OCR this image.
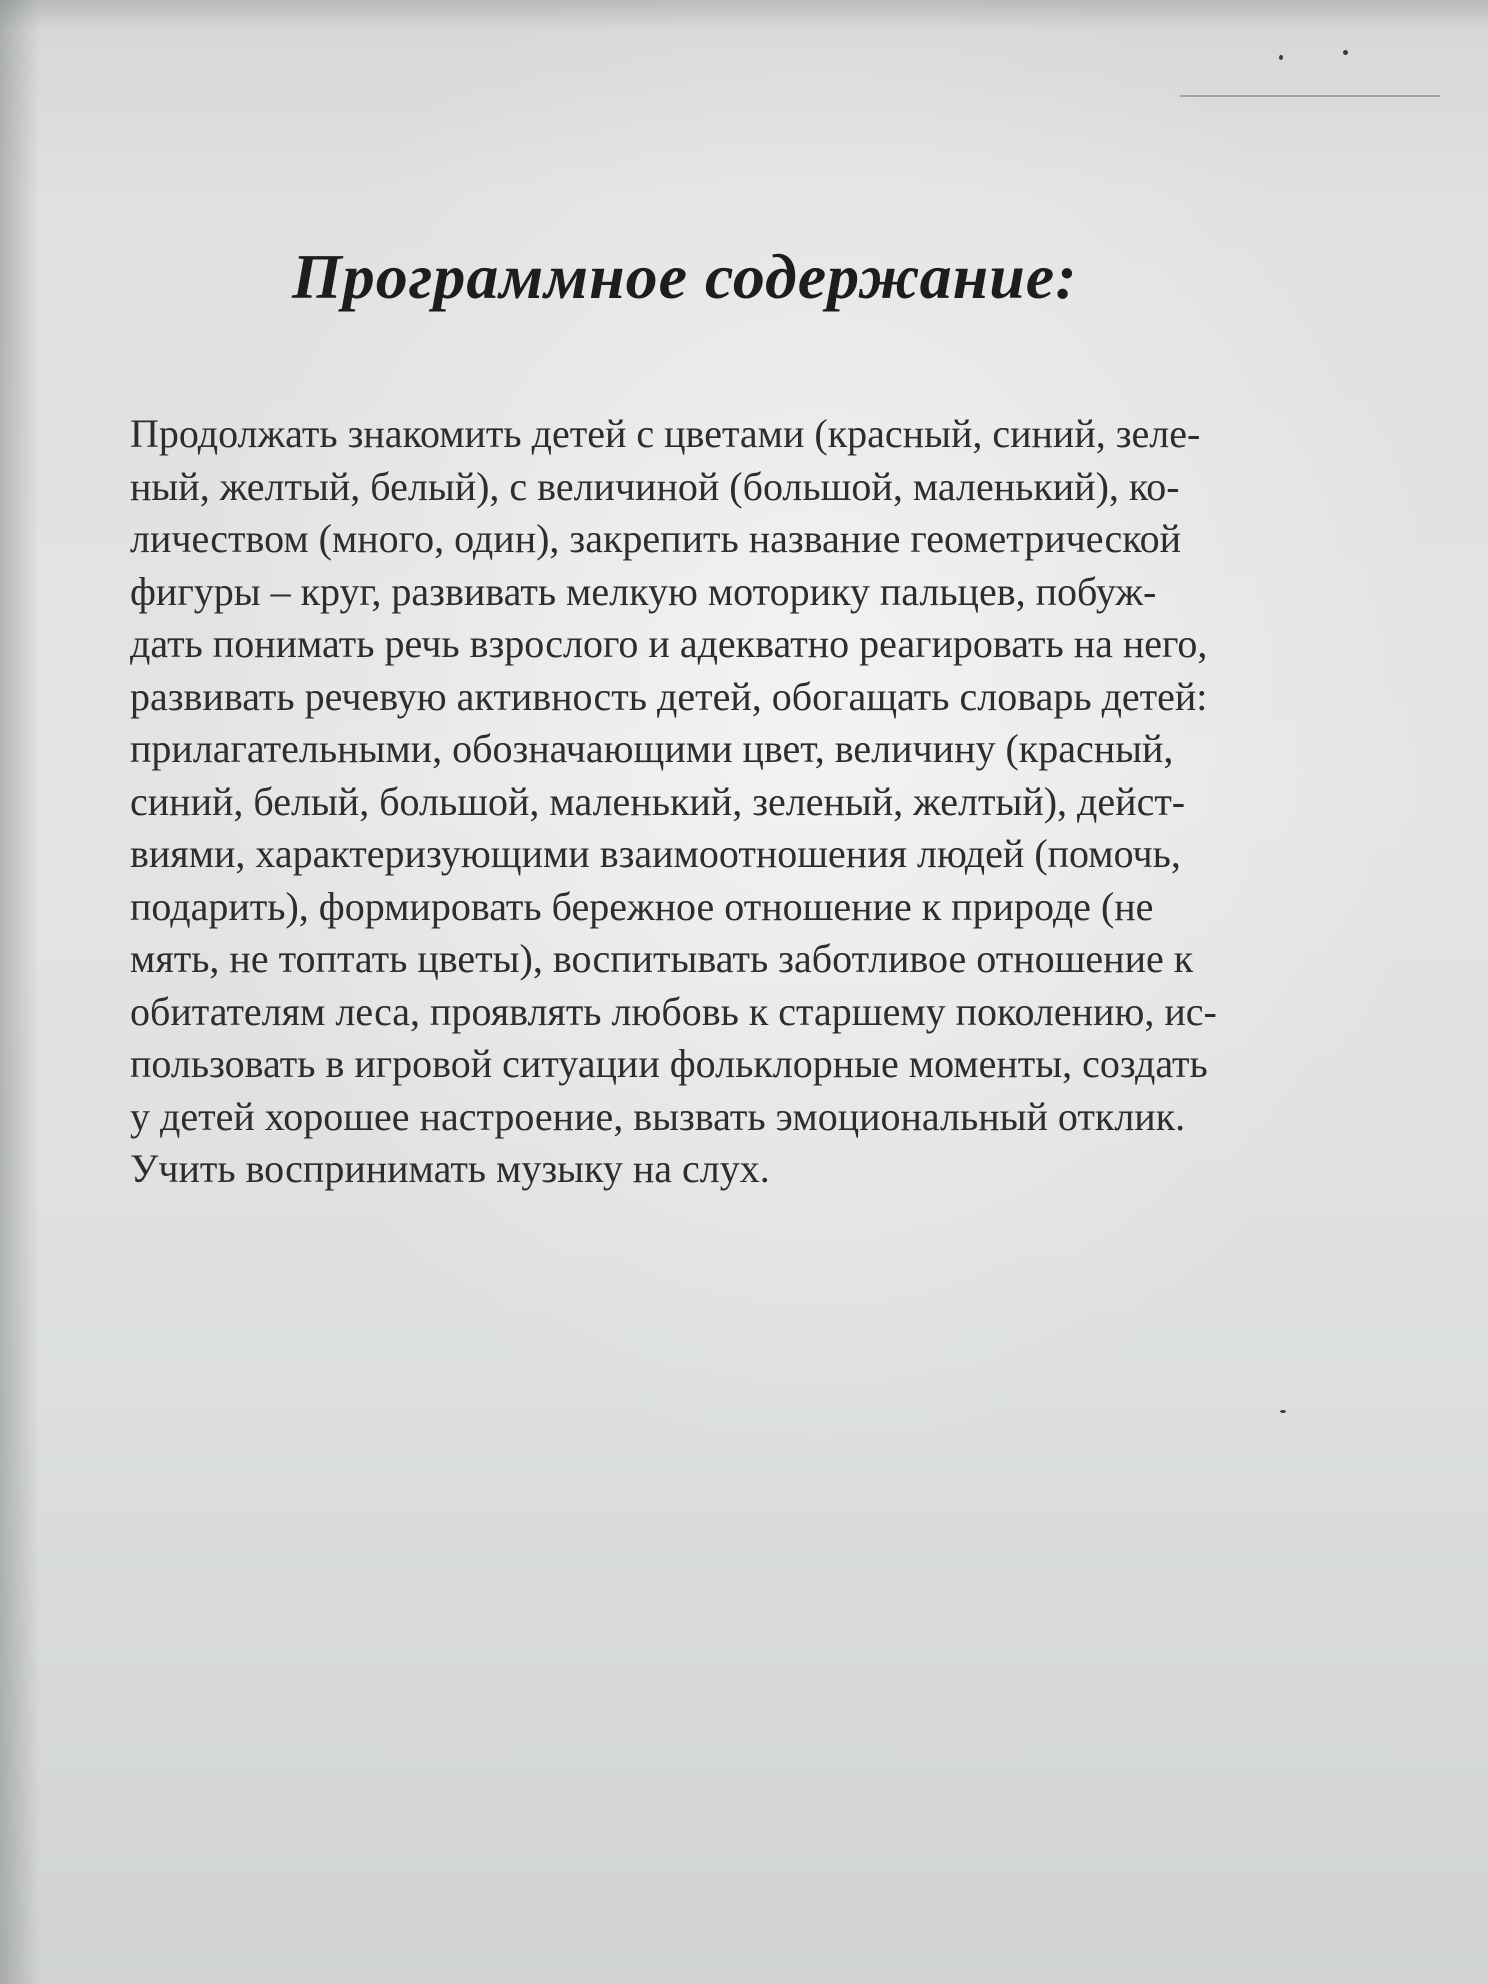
Программное содержание:
Продолжать знакомить детей с цветами (красный, синий, зеле-
ный, желтый, белый), с величиной (большой, маленький), ко-
личеством (много, один), закрепить название геометрической
фигуры – круг, развивать мелкую моторику пальцев, побуж-
дать понимать речь взрослого и адекватно реагировать на него,
развивать речевую активность детей, обогащать словарь детей:
прилагательными, обозначающими цвет, величину (красный,
синий, белый, большой, маленький, зеленый, желтый), дейст-
виями, характеризующими взаимоотношения людей (помочь,
подарить), формировать бережное отношение к природе (не
мять, не топтать цветы), воспитывать заботливое отношение к
обитателям леса, проявлять любовь к старшему поколению, ис-
пользовать в игровой ситуации фольклорные моменты, создать
у детей хорошее настроение, вызвать эмоциональный отклик.
Учить воспринимать музыку на слух.
